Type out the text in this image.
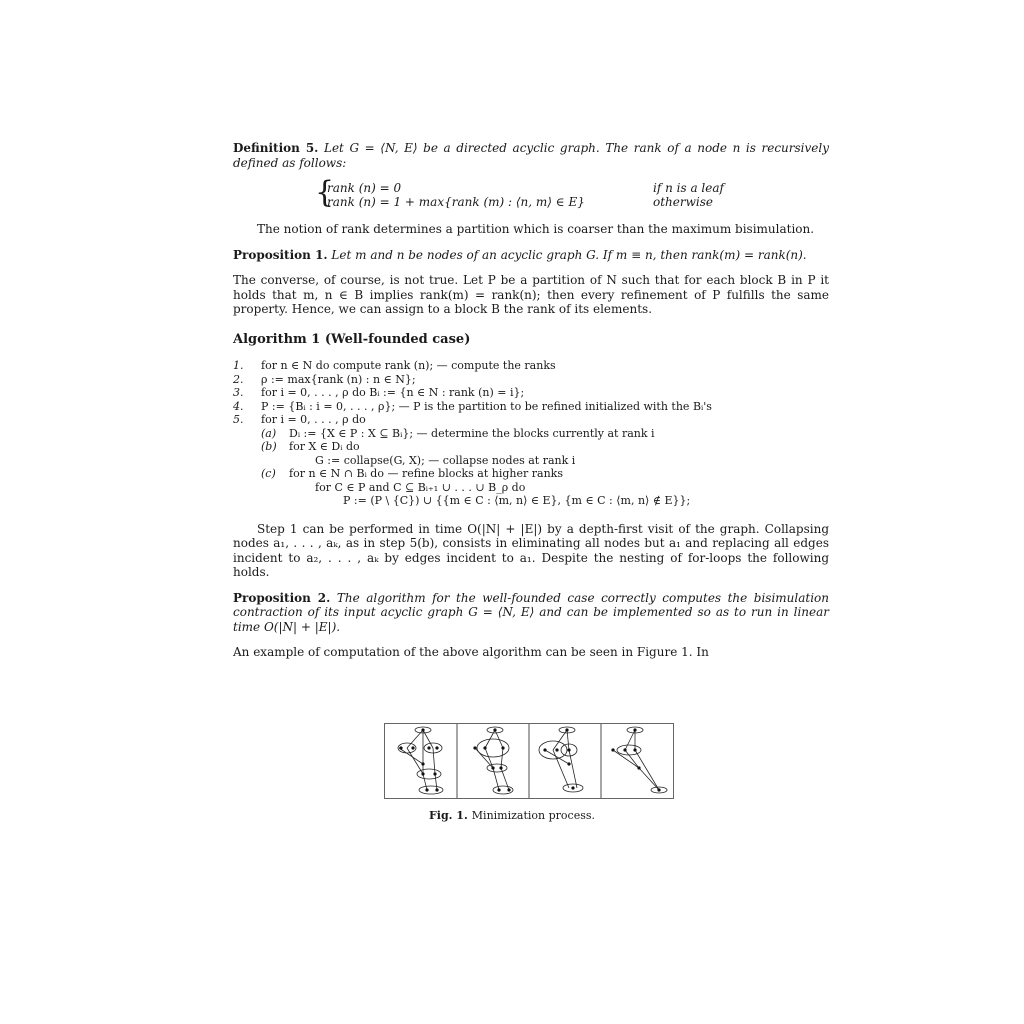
Definition 5. Let G = ⟨N, E⟩ be a directed acyclic graph. The rank of a node n is recursively defined as follows:
{
rank (n) = 0	if n is a leaf
rank (n) = 1 + max{rank (m) : ⟨n, m⟩ ∈ E}	otherwise
The notion of rank determines a partition which is coarser than the maximum bisimulation.
Proposition 1. Let m and n be nodes of an acyclic graph G. If m ≡ n, then rank(m) = rank(n).
The converse, of course, is not true. Let P be a partition of N such that for each block B in P it holds that m, n ∈ B implies rank(m) = rank(n); then every refinement of P fulfills the same property. Hence, we can assign to a block B the rank of its elements.
Algorithm 1 (Well-founded case)
1. for n ∈ N do compute rank (n); — compute the ranks
2. ρ := max{rank (n) : n ∈ N};
3. for i = 0, . . . , ρ do Bᵢ := {n ∈ N : rank (n) = i};
4. P := {Bᵢ : i = 0, . . . , ρ}; — P is the partition to be refined initialized with the Bᵢ's
5. for i = 0, . . . , ρ do
(a) Dᵢ := {X ∈ P : X ⊆ Bᵢ}; — determine the blocks currently at rank i
(b) for X ∈ Dᵢ do
G := collapse(G, X); — collapse nodes at rank i
(c) for n ∈ N ∩ Bᵢ do — refine blocks at higher ranks
for C ∈ P and C ⊆ Bᵢ₊₁ ∪ . . . ∪ B_ρ do
P := (P \ {C}) ∪ {{m ∈ C : ⟨m, n⟩ ∈ E}, {m ∈ C : ⟨m, n⟩ ∉ E}};
Step 1 can be performed in time O(|N| + |E|) by a depth-first visit of the graph. Collapsing nodes a₁, . . . , aₖ, as in step 5(b), consists in eliminating all nodes but a₁ and replacing all edges incident to a₂, . . . , aₖ by edges incident to a₁. Despite the nesting of for-loops the following holds.
Proposition 2. The algorithm for the well-founded case correctly computes the bisimulation contraction of its input acyclic graph G = ⟨N, E⟩ and can be implemented so as to run in linear time O(|N| + |E|).
An example of computation of the above algorithm can be seen in Figure 1. In
Fig. 1. Minimization process.
